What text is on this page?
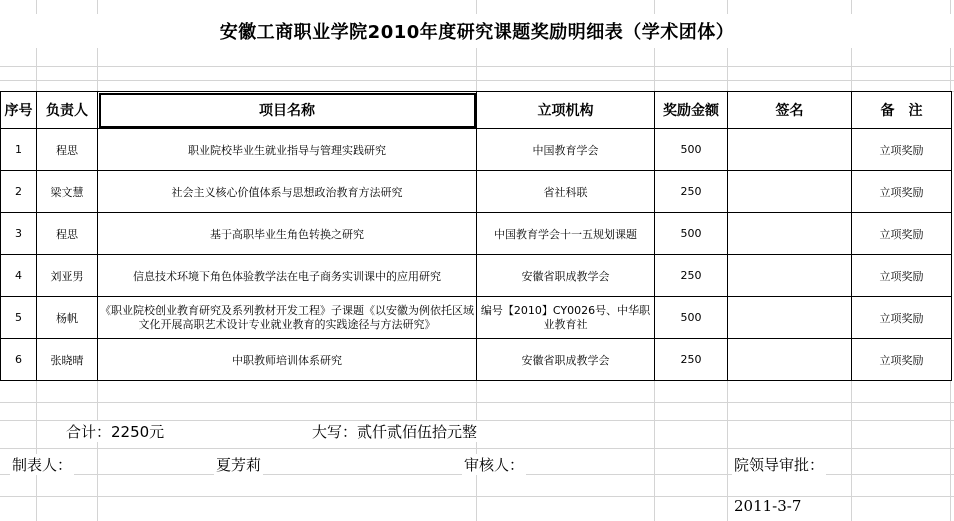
安徽工商职业学院2010年度研究课题奖励明细表（学术团体）
序号	负责人	项目名称	立项机构	奖励金额	签名	备　注
1	程思	职业院校毕业生就业指导与管理实践研究	中国教育学会	500		立项奖励
2	梁文慧	社会主义核心价值体系与思想政治教育方法研究	省社科联	250		立项奖励
3	程思	基于高职毕业生角色转换之研究	中国教育学会十一五规划课题	500		立项奖励
4	刘亚男	信息技术环境下角色体验教学法在电子商务实训课中的应用研究	安徽省职成教学会	250		立项奖励
5	杨帆	《职业院校创业教育研究及系列教材开发工程》子课题《以安徽为例依托区域文化开展高职艺术设计专业就业教育的实践途径与方法研究》	编号【2010】CY0026号、中华职业教育社	500		立项奖励
6	张晓晴	中职教师培训体系研究	安徽省职成教学会	250		立项奖励
合计：2250元	大写：贰仟贰佰伍拾元整
制表人：	夏芳莉	审核人：	院领导审批：
2011-3-7
